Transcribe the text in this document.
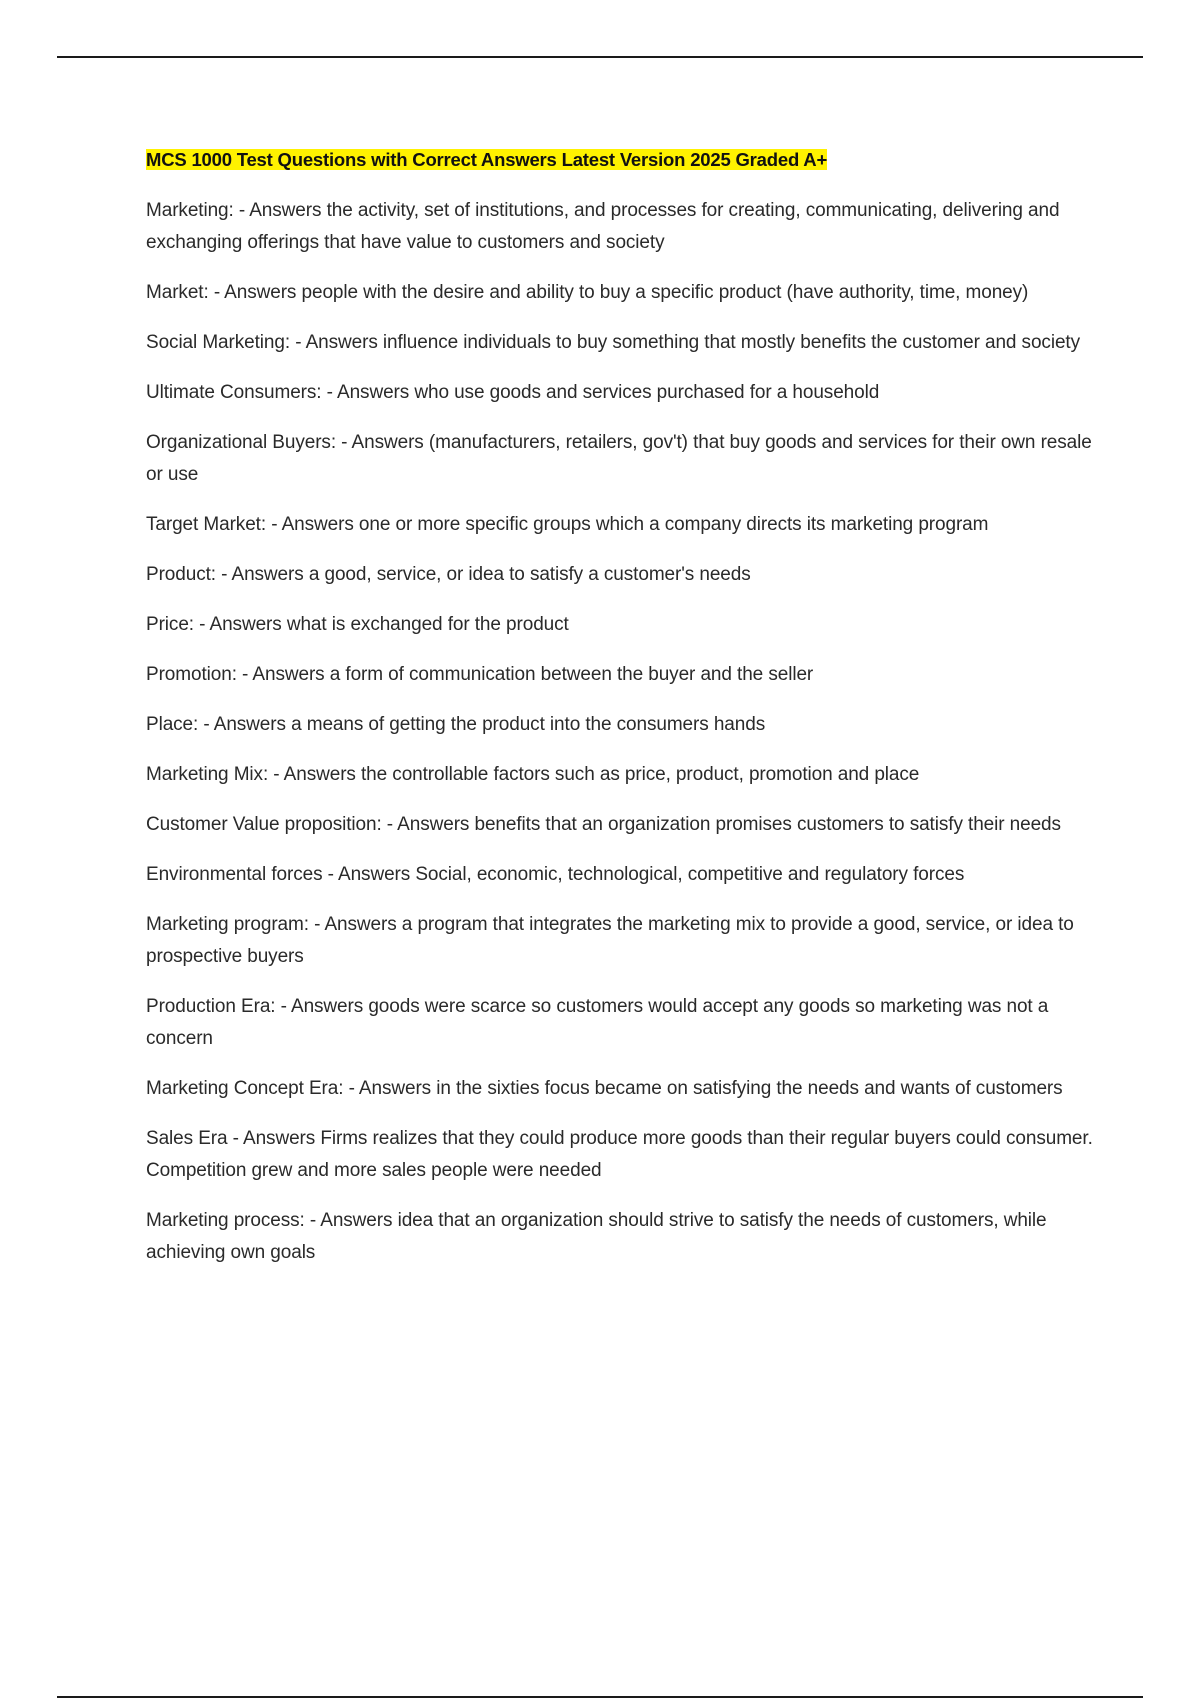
MCS 1000 Test Questions with Correct Answers Latest Version 2025 Graded A+

Marketing: - Answers the activity, set of institutions, and processes for creating, communicating, delivering and exchanging offerings that have value to customers and society

Market: - Answers people with the desire and ability to buy a specific product (have authority, time, money)

Social Marketing: - Answers influence individuals to buy something that mostly benefits the customer and society

Ultimate Consumers: - Answers who use goods and services purchased for a household

Organizational Buyers: - Answers (manufacturers, retailers, gov't) that buy goods and services for their own resale or use

Target Market: - Answers one or more specific groups which a company directs its marketing program

Product: - Answers a good, service, or idea to satisfy a customer's needs

Price: - Answers what is exchanged for the product

Promotion: - Answers a form of communication between the buyer and the seller

Place: - Answers a means of getting the product into the consumers hands

Marketing Mix: - Answers the controllable factors such as price, product, promotion and place

Customer Value proposition: - Answers benefits that an organization promises customers to satisfy their needs

Environmental forces - Answers Social, economic, technological, competitive and regulatory forces

Marketing program: - Answers a program that integrates the marketing mix to provide a good, service, or idea to prospective buyers

Production Era: - Answers goods were scarce so customers would accept any goods so marketing was not a concern

Marketing Concept Era: - Answers in the sixties focus became on satisfying the needs and wants of customers

Sales Era - Answers Firms realizes that they could produce more goods than their regular buyers could consumer. Competition grew and more sales people were needed

Marketing process: - Answers idea that an organization should strive to satisfy the needs of customers, while achieving own goals
